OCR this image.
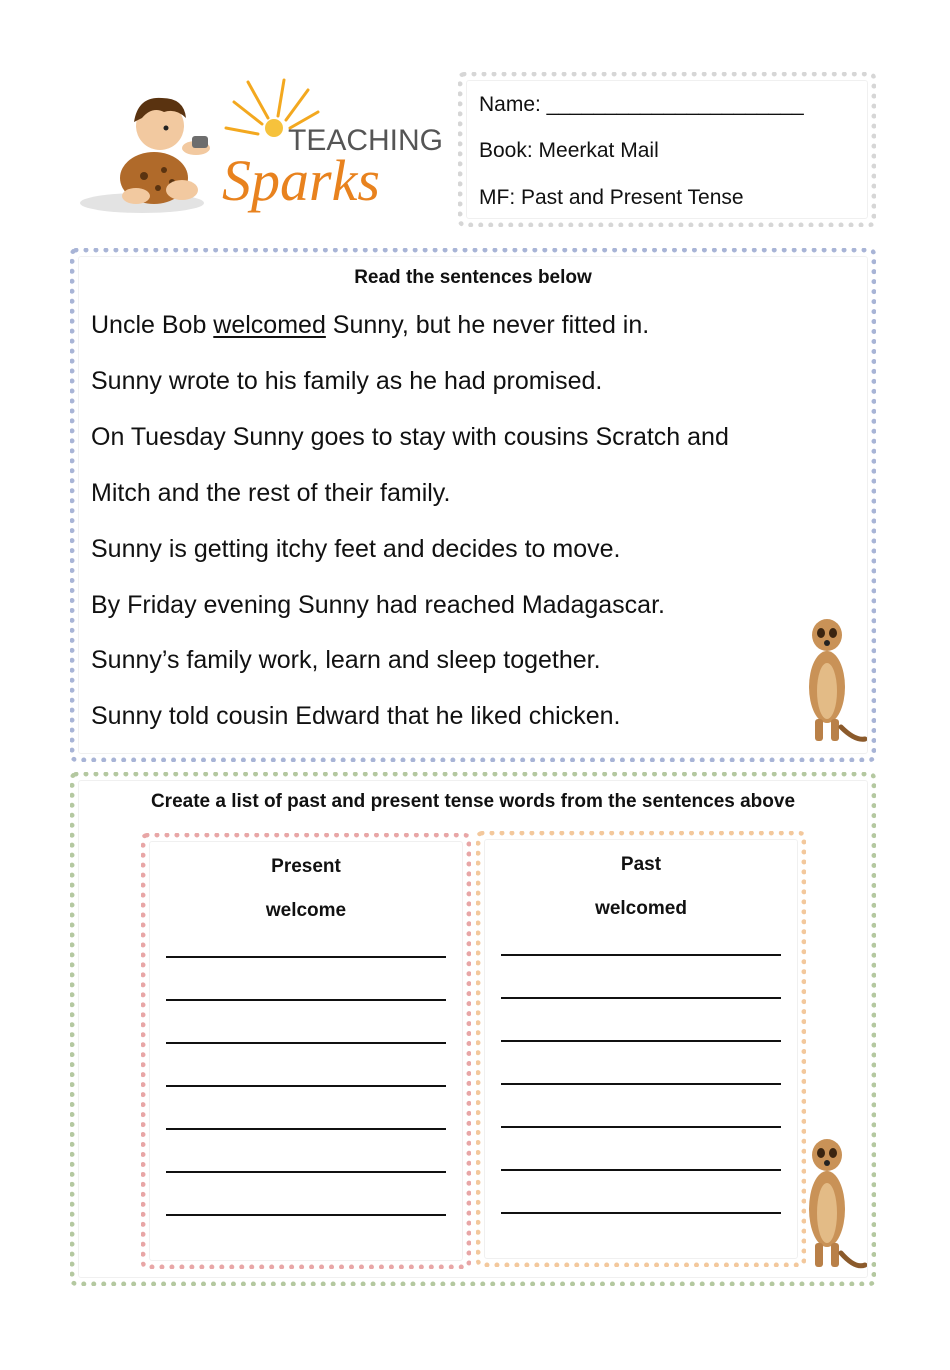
TEACHING
Sparks
Name: ______________________
Book: Meerkat Mail
MF: Past and Present Tense
Read the sentences below
Uncle Bob welcomed Sunny, but he never fitted in.
Sunny wrote to his family as he had promised.
On Tuesday Sunny goes to stay with cousins Scratch and
Mitch and the rest of their family.
Sunny is getting itchy feet and decides to move.
By Friday evening Sunny had reached Madagascar.
Sunny’s family work, learn and sleep together.
Sunny told cousin Edward that he liked chicken.
Create a list of past and present tense words from the sentences above
Present
welcome
Past
welcomed
